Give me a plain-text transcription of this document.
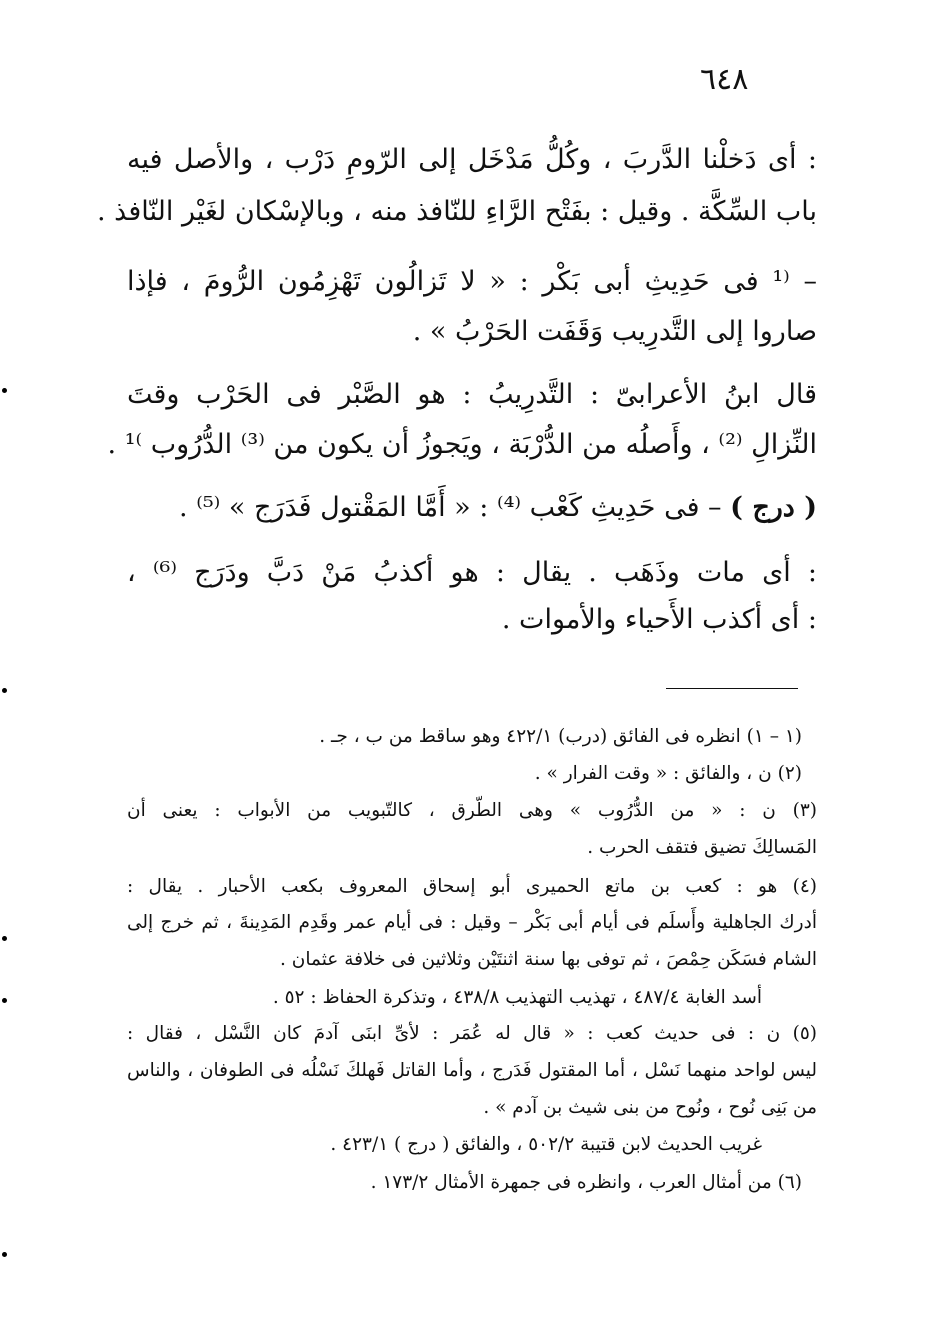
٦٤٨
: أى دَخلْنا الدَّربَ ، وكُلُّ مَدْخَل إلى الرّومِ دَرْب ، والأصل فيه
باب السِّكَّة . وقيل : بفَتْح الرَّاءِ للنّافذ منه ، وبالإسْكان لغَيْر النّافذ .
– ⁽¹ فى حَدِيثِ أبى بَكْر : « لا تَزالُون تَهْزِمُون الرُّومَ ، فإذا
صاروا إلى التَّدرِيب وَقَفَت الحَرْبُ » .
قال ابنُ الأعرابىّ : التَّدرِيبُ : هو الصَّبْر فى الحَرْب وقتَ
النِّزالِ ⁽²⁾ ، وأَصلُه من الدُّرْبَة ، ويَجوزُ أن يكون من ⁽³⁾ الدُّرُوب ⁾¹ .
( درج ) – فى حَدِيثِ كَعْب ⁽⁴⁾ : « أَمَّا المَقْتول فَدَرَج » ⁽⁵⁾ .
: أى مات وذَهَب . يقال : هو أكذبُ مَنْ دَبَّ ودَرَج ⁽⁶⁾ ،
: أى أكذب الأَحياء والأموات .
(١ – ١) انظره فى الفائق (درب) ٤٢٢/١ وهو ساقط من ب ، جـ .
(٢) ن ، والفائق : « وقت الفرار » .
(٣) ن : « من الدُّرُوب » وهى الطّرق ، كالتّبويب من الأبواب : يعنى أن
المَسالِكَ تضيق فتقف الحرب .
(٤) هو : كعب بن ماتع الحميرى أبو إسحاق المعروف بكعب الأحبار . يقال :
أدرك الجاهلية وأَسلَم فى أيام أبى بَكْر – وقيل : فى أيام عمر وقَدِم المَدِينةَ ، ثم خرج إلى
الشام فسَكَن حِمْصَ ، ثم توفى بها سنة اثنتَيْن وثلاثين فى خلافة عثمان .
أسد الغابة ٤٨٧/٤ ، تهذيب التهذيب ٤٣٨/٨ ، وتذكرة الحفاظ : ٥٢ .
(٥) ن : فى حديث كعب : « قال له عُمَر : لأىِّ ابنَى آدمَ كان النَّسْل ، فقال :
ليس لواحد منهما نَسْل ، أما المقتول فَدَرج ، وأما القاتل فَهلكَ نَسْلُه فى الطوفان ، والناس
من بَنِى نُوح ، ونُوح من بنى شيث بن آدم » .
غريب الحديث لابن قتيبة ٥٠٢/٢ ، والفائق ( درج ) ٤٢٣/١ .
(٦) من أمثال العرب ، وانظره فى جمهرة الأمثال ١٧٣/٢ .
